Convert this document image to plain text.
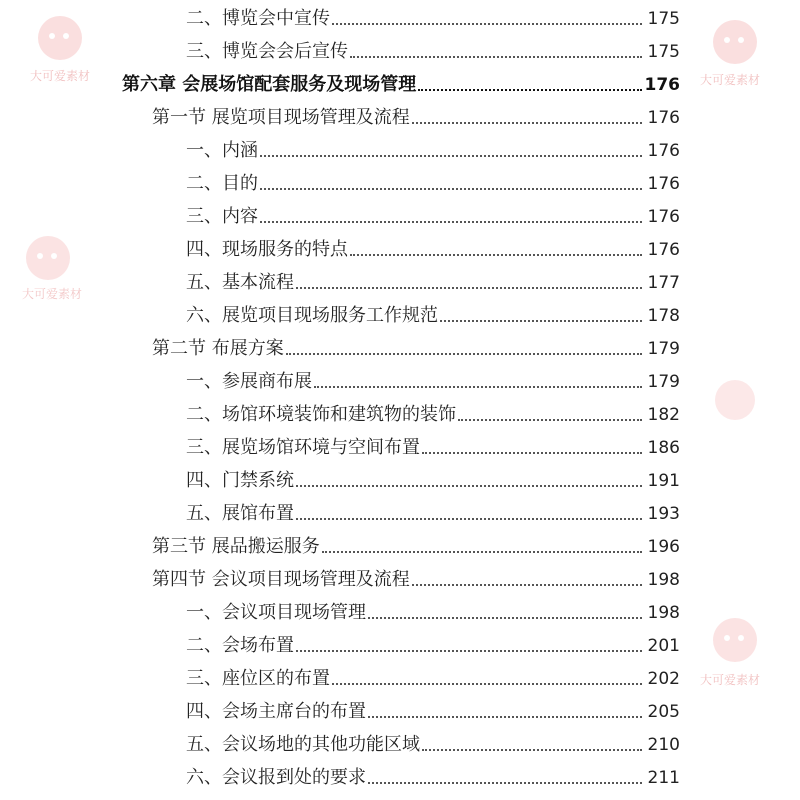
大可爱素材	大可爱素材
大可爱素材
大可爱素材
二、博览会中宣传	175
三、博览会会后宣传	175
第六章 会展场馆配套服务及现场管理	176
第一节 展览项目现场管理及流程	176
一、内涵	176
二、目的	176
三、内容	176
四、现场服务的特点	176
五、基本流程	177
六、展览项目现场服务工作规范	178
第二节 布展方案	179
一、参展商布展	179
二、场馆环境装饰和建筑物的装饰	182
三、展览场馆环境与空间布置	186
四、门禁系统	191
五、展馆布置	193
第三节 展品搬运服务	196
第四节 会议项目现场管理及流程	198
一、会议项目现场管理	198
二、会场布置	201
三、座位区的布置	202
四、会场主席台的布置	205
五、会议场地的其他功能区域	210
六、会议报到处的要求	211
